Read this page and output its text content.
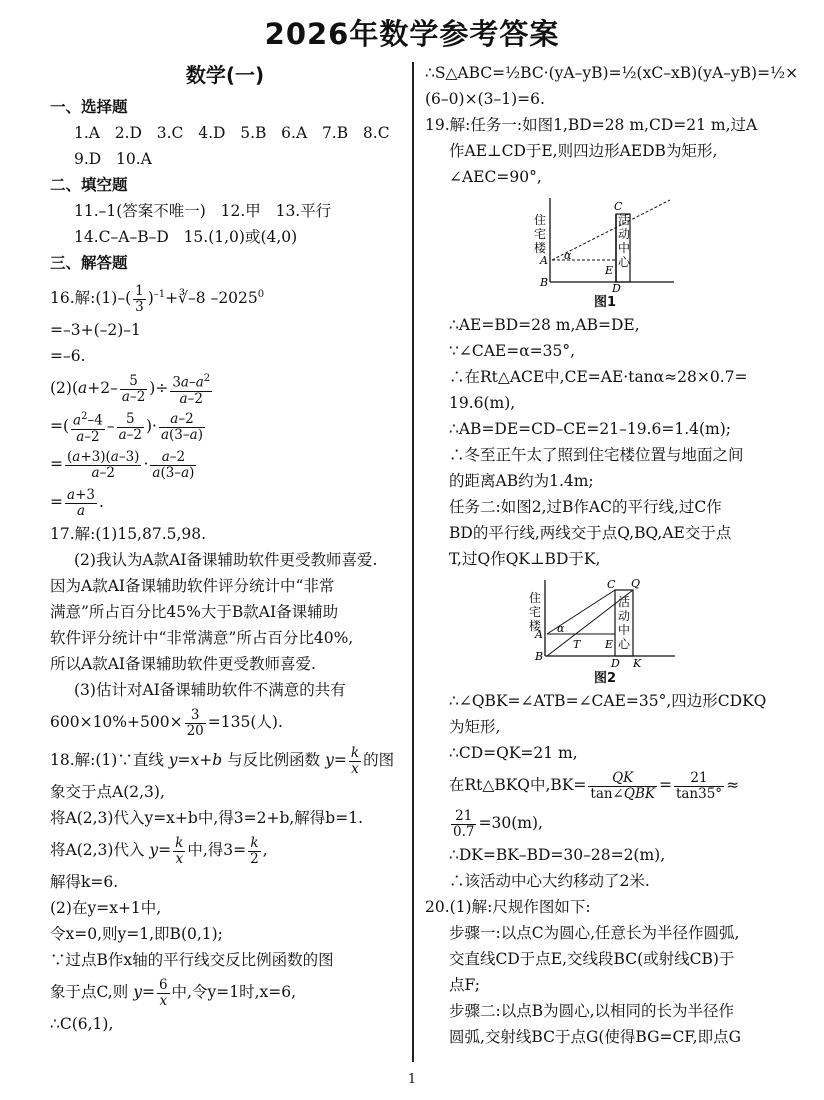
2026年数学参考答案
数学(一)
一、选择题
1.A 2.D 3.C 4.D 5.B 6.A 7.B 8.C
9.D 10.A
二、填空题
11.–1(答案不唯一) 12.甲 13.平行
14.C–A–B–D 15.(1,0)或(4,0)
三、解答题
16.解:(1)–( $\frac{1}{3}$ )$^{-1}$+∛–8 $-2025^0$
=–3+(–2)–1
=–6.
$(2)(a+2- \frac{5}{a-2}$ )÷ $\frac{3a-a^2}{a-2}$
=( $\frac{a^2-4}{a-2} - \frac{5}{a-2}$ )· $\frac{a-2}{a(3-a)}$
= $\frac{(a+3)(a-3)}{a-2} \cdot \frac{a-2}{a(3-a)}$
= $\frac{a+3}{a}$ .
17.解:(1)15,87.5,98.
(2)我认为A款AI备课辅助软件更受教师喜爱.
因为A款AI备课辅助软件评分统计中“非常
满意”所占百分比45%大于B款AI备课辅助
软件评分统计中“非常满意”所占百分比40%,
所以A款AI备课辅助软件更受教师喜爱.
(3)估计对AI备课辅助软件不满意的共有
$600\times 10\%+500\times \frac{3}{20} =135$(人).
18.解:(1)∵直线 y=x+b 与反比例函数 $y= \frac{k}{x}$ 的图
象交于点A(2,3),
将A(2,3)代入y=x+b中,得3=2+b,解得b=1.
将A(2,3)代入 $y= \frac{k}{x}$ 中,得$3= \frac{k}{2}$ ,
解得k=6.
(2)在y=x+1中,
令x=0,则y=1,即B(0,1);
∵过点B作x轴的平行线交反比例函数的图
象于点C,则 $y= \frac{6}{x}$ 中,令y=1时,x=6,
∴C(6,1),
∴S△ABC=½BC·(yA–yB)=½(xC–xB)(yA–yB)=½×
(6–0)×(3–1)=6.
19.解:任务一:如图1,BD=28 m,CD=21 m,过A
作AE⊥CD于E,则四边形AEDB为矩形,
∠AEC=90°,
住
宅
楼
活
动
中
心
C
A
B
E
D
α
图1
∴AE=BD=28 m,AB=DE,
∵∠CAE=α=35°,
∴在Rt△ACE中,CE=AE·tanα≈28×0.7=
19.6(m),
∴AB=DE=CD–CE=21–19.6=1.4(m);
∴冬至正午太了照到住宅楼位置与地面之间
的距离AB约为1.4m;
任务二:如图2,过B作AC的平行线,过C作
BD的平行线,两线交于点Q,BQ,AE交于点
T,过Q作QK⊥BD于K,
住
宅
楼
活
动
中
心
C Q
A
B
T E
D K
α
图2
∴∠QBK=∠ATB=∠CAE=35°,四边形CDKQ
为矩形,
∴CD=QK=21 m,
在Rt△BKQ中$,BK= \frac{QK}{\text{tan∠QBK}} = \frac{21}{\tan 35^\circ}$ ≈
$\frac{21}{0.7} =30(m)$,
∴DK=BK–BD=30–28=2(m),
∴该活动中心大约移动了2米.
20.(1)解:尺规作图如下:
步骤一:以点C为圆心,任意长为半径作圆弧,
交直线CD于点E,交线段BC(或射线CB)于
点F;
步骤二:以点B为圆心,以相同的长为半径作
圆弧,交射线BC于点G(使得BG=CF,即点G
1
